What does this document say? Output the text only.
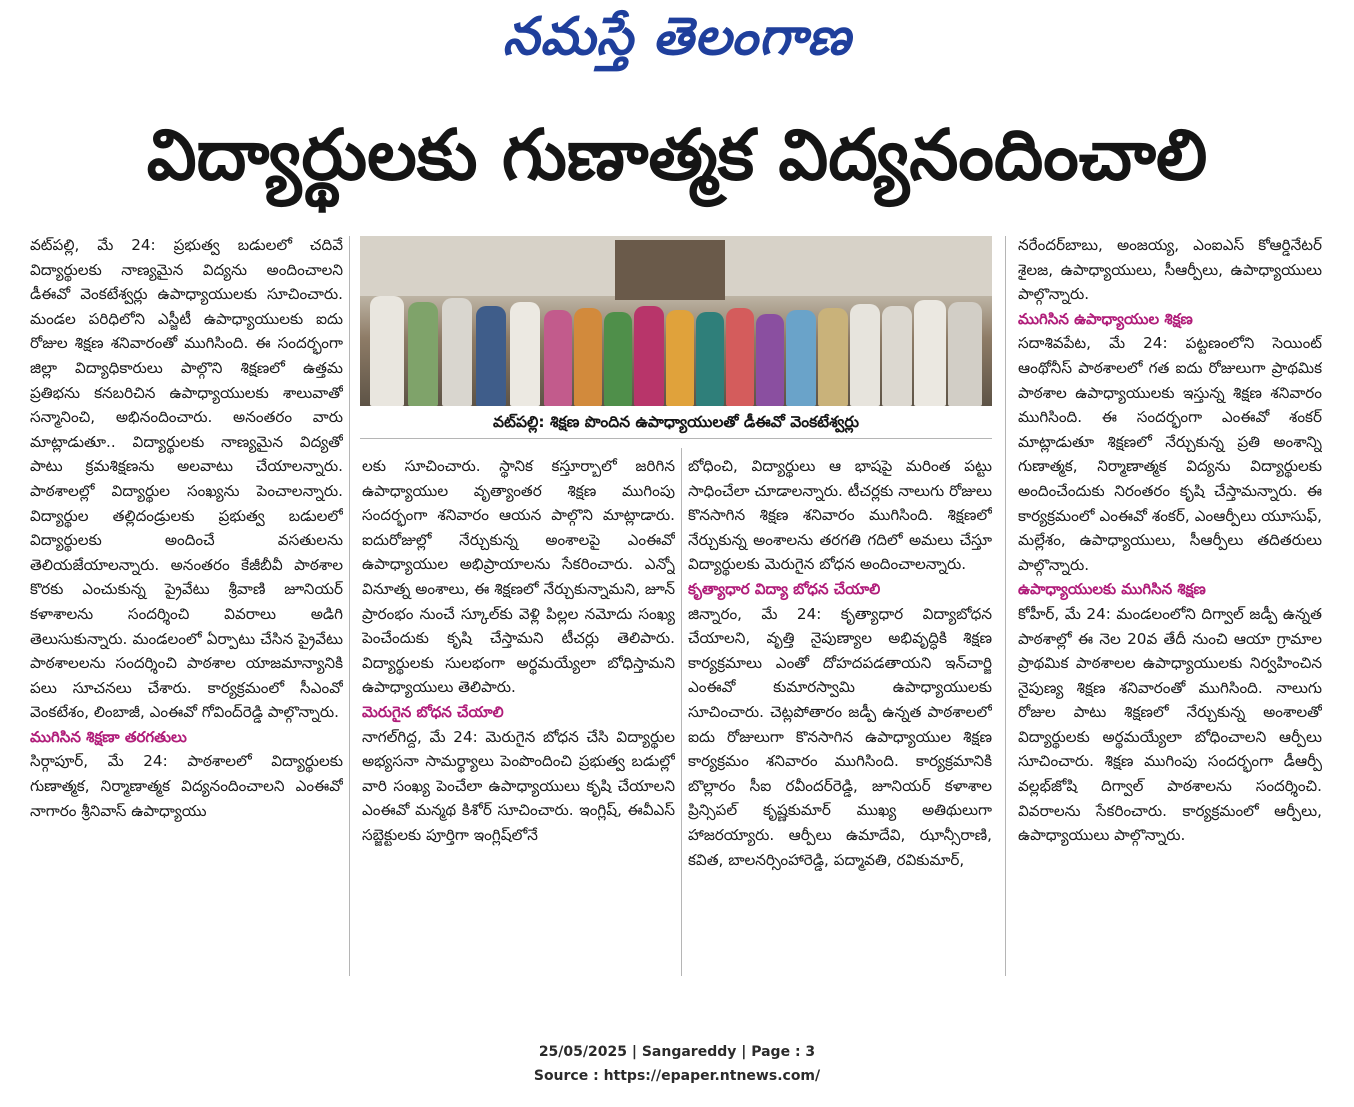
నమస్తే తెలంగాణ
విద్యార్థులకు గుణాత్మక విద్యనందించాలి

వట్‌పల్లి, మే 24: ప్రభుత్వ బడులలో చదివే విద్యార్థులకు నాణ్యమైన విద్యను అందించాలని డీఈవో వెంకటేశ్వర్లు ఉపాధ్యాయులకు సూచించారు. మండల పరిధిలోని ఎస్జీటీ ఉపాధ్యాయులకు ఐదు రోజుల శిక్షణ శనివారంతో ముగిసింది. ఈ సందర్భంగా జిల్లా విద్యాధికారులు పాల్గొని శిక్షణలో ఉత్తమ ప్రతిభను కనబరిచిన ఉపాధ్యాయులకు శాలువాతో సన్మానించి, అభినందించారు. అనంతరం వారు మాట్లాడుతూ.. విద్యార్థులకు నాణ్యమైన విద్యతో పాటు క్రమశిక్షణను అలవాటు చేయాలన్నారు. పాఠశాలల్లో విద్యార్థుల సంఖ్యను పెంచాలన్నారు. విద్యార్థుల తల్లిదండ్రులకు ప్రభుత్వ బడులలో విద్యార్థులకు అందించే వసతులను తెలియజేయాలన్నారు. అనంతరం కేజీబీవీ పాఠశాల కొరకు ఎంచుకున్న ప్రైవేటు శ్రీవాణి జూనియర్ కళాశాలను సందర్శించి వివరాలు అడిగి తెలుసుకున్నారు. మండలంలో ఏర్పాటు చేసిన ప్రైవేటు పాఠశాలలను సందర్శించి పాఠశాల యాజమాన్యానికి పలు సూచనలు చేశారు. కార్యక్రమంలో సీఎంవో వెంకటేశం, లింబాజీ, ఎంఈవో గోవింద్‌రెడ్డి పాల్గొన్నారు.

ముగిసిన శిక్షణా తరగతులు

సిర్గాపూర్, మే 24: పాఠశాలలో విద్యార్థులకు గుణాత్మక, నిర్మాణాత్మక విద్యనందించాలని ఎంఈవో నాగారం శ్రీనివాస్ ఉపాధ్యాయు

వట్‌పల్లి: శిక్షణ పొందిన ఉపాధ్యాయులతో డీఈవో వెంకటేశ్వర్లు

లకు సూచించారు. స్థానిక కస్తూర్బాలో జరిగిన ఉపాధ్యాయుల వృత్యాంతర శిక్షణ ముగింపు సందర్భంగా శనివారం ఆయన పాల్గొని మాట్లాడారు. ఐదురోజుల్లో నేర్చుకున్న అంశాలపై ఎంఈవో ఉపాధ్యాయుల అభిప్రాయాలను సేకరించారు. ఎన్నో వినూత్న అంశాలు, ఈ శిక్షణలో నేర్చుకున్నామని, జూన్ ప్రారంభం నుంచే స్కూల్‌కు వెళ్లి పిల్లల నమోదు సంఖ్య పెంచేందుకు కృషి చేస్తామని టీచర్లు తెలిపారు. విద్యార్థులకు సులభంగా అర్థమయ్యేలా బోధిస్తామని ఉపాధ్యాయులు తెలిపారు.

మెరుగైన బోధన చేయాలి

నాగల్‌గిద్ద, మే 24: మెరుగైన బోధన చేసి విద్యార్థుల అభ్యసనా సామర్థ్యాలు పెంపొందించి ప్రభుత్వ బడుల్లో వారి సంఖ్య పెంచేలా ఉపాధ్యాయులు కృషి చేయాలని ఎంఈవో మన్మథ కిశోర్ సూచించారు. ఇంగ్లిష్, ఈవీఎస్ సబ్జెక్టులకు పూర్తిగా ఇంగ్లిష్‌లోనే

బోధించి, విద్యార్థులు ఆ భాషపై మరింత పట్టు సాధించేలా చూడాలన్నారు. టీచర్లకు నాలుగు రోజులు కొనసాగిన శిక్షణ శనివారం ముగిసింది. శిక్షణలో నేర్చుకున్న అంశాలను తరగతి గదిలో అమలు చేస్తూ విద్యార్థులకు మెరుగైన బోధన అందించాలన్నారు.

కృత్యాధార విద్యా బోధన చేయాలి

జిన్నారం, మే 24: కృత్యాధార విద్యాబోధన చేయాలని, వృత్తి నైపుణ్యాల అభివృద్ధికి శిక్షణ కార్యక్రమాలు ఎంతో దోహదపడతాయని ఇన్‌చార్జి ఎంఈవో కుమారస్వామి ఉపాధ్యాయులకు సూచించారు. చెట్లపోతారం జడ్పీ ఉన్నత పాఠశాలలో ఐదు రోజులుగా కొనసాగిన ఉపాధ్యాయుల శిక్షణ కార్యక్రమం శనివారం ముగిసింది. కార్యక్రమానికి బొల్లారం సీఐ రవీందర్‌రెడ్డి, జూనియర్ కళాశాల ప్రిన్సిపల్ కృష్ణకుమార్ ముఖ్య అతిథులుగా హాజరయ్యారు. ఆర్పీలు ఉమాదేవి, ఝాన్సీరాణి, కవిత, బాలనర్సింహారెడ్డి, పద్మావతి, రవికుమార్,

నరేందర్‌బాబు, అంజయ్య, ఎంఐఎస్ కోఆర్డినేటర్ శైలజ, ఉపాధ్యాయులు, సీఆర్పీలు, ఉపాధ్యాయులు పాల్గొన్నారు.

ముగిసిన ఉపాధ్యాయుల శిక్షణ

సదాశివపేట, మే 24: పట్టణంలోని సెయింట్ ఆంథోనీస్ పాఠశాలలో గత ఐదు రోజులుగా ప్రాథమిక పాఠశాల ఉపాధ్యాయులకు ఇస్తున్న శిక్షణ శనివారం ముగిసింది. ఈ సందర్భంగా ఎంఈవో శంకర్ మాట్లాడుతూ శిక్షణలో నేర్చుకున్న ప్రతి అంశాన్ని గుణాత్మక, నిర్మాణాత్మక విద్యను విద్యార్థులకు అందించేందుకు నిరంతరం కృషి చేస్తామన్నారు. ఈ కార్యక్రమంలో ఎంఈవో శంకర్, ఎంఆర్పీలు యూసుఫ్, మల్లేశం, ఉపాధ్యాయులు, సీఆర్పీలు తదితరులు పాల్గొన్నారు.

ఉపాధ్యాయులకు ముగిసిన శిక్షణ

కోహీర్, మే 24: మండలంలోని దిగ్వాల్ జడ్పీ ఉన్నత పాఠశాల్లో ఈ నెల 20వ తేదీ నుంచి ఆయా గ్రామాల ప్రాథమిక పాఠశాలల ఉపాధ్యాయులకు నిర్వహించిన నైపుణ్య శిక్షణ శనివారంతో ముగిసింది. నాలుగు రోజుల పాటు శిక్షణలో నేర్చుకున్న అంశాలతో విద్యార్థులకు అర్థమయ్యేలా బోధించాలని ఆర్పీలు సూచించారు. శిక్షణ ముగింపు సందర్భంగా డీఆర్పీ వల్లభ్‌జోషి దిగ్వాల్ పాఠశాలను సందర్శించి. వివరాలను సేకరించారు. కార్యక్రమంలో ఆర్పీలు, ఉపాధ్యాయులు పాల్గొన్నారు.

25/05/2025 | Sangareddy | Page : 3
Source : https://epaper.ntnews.com/
